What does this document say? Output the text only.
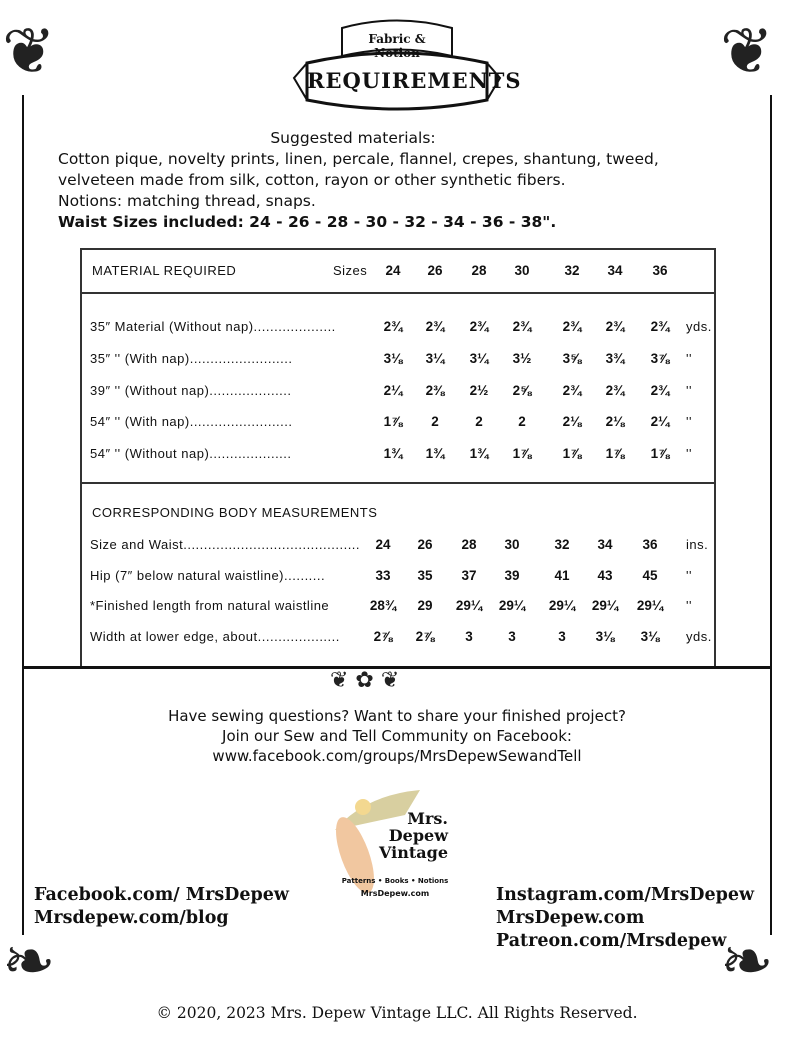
❦	❦
❧	❧
❦ ✿ ❦
Fabric & Notion
REQUIREMENTS
Suggested materials:
Cotton pique, novelty prints, linen, percale, flannel, crepes, shantung, tweed,
velveteen made from silk, cotton, rayon or other synthetic fibers.
Notions: matching thread, snaps.
Waist Sizes included: 24 - 26 - 28 - 30 - 32 - 34 - 36 - 38".
MATERIAL REQUIRED	Sizes 24 26 28 30	32 34 36
35″ Material (Without nap)....................	2¾ 2¾ 2¾ 2¾ 2¾ 2¾ 2¾ yds.
35″ '' (With nap).........................	3⅛ 3¼ 3¼ 3½ 3⅝ 3¾ 3⅞ ''
39″ '' (Without nap)....................	2¼ 2⅜ 2½ 2⅝ 2¾ 2¾ 2¾ ''
54″ '' (With nap).........................	1⅞ 2	2	2	2⅛ 2⅛ 2¼ ''
54″ '' (Without nap)....................	1¾ 1¾ 1¾ 1⅞ 1⅞ 1⅞ 1⅞ ''
CORRESPONDING BODY MEASUREMENTS
Size and Waist........................................... 24 26 28 30	32 34 36 ins.
Hip (7″ below natural waistline)..........	33 35 37 39	41 43 45 ''
*Finished length from natural waistline	28¾ 29 29¼ 29¼ 29¼ 29¼ 29¼ ''
Width at lower edge, about.................... 2⅞ 2⅞ 3	3	3 3⅛ 3⅛ yds.
Have sewing questions? Want to share your finished project?
Join our Sew and Tell Community on Facebook:
www.facebook.com/groups/MrsDepewSewandTell
Mrs.
Depew
Vintage
Patterns • Books • Notions
MrsDepew.com
Facebook.com/ MrsDepew
Mrsdepew.com/blog
Instagram.com/MrsDepew
MrsDepew.com
Patreon.com/Mrsdepew
© 2020, 2023 Mrs. Depew Vintage LLC. All Rights Reserved.
